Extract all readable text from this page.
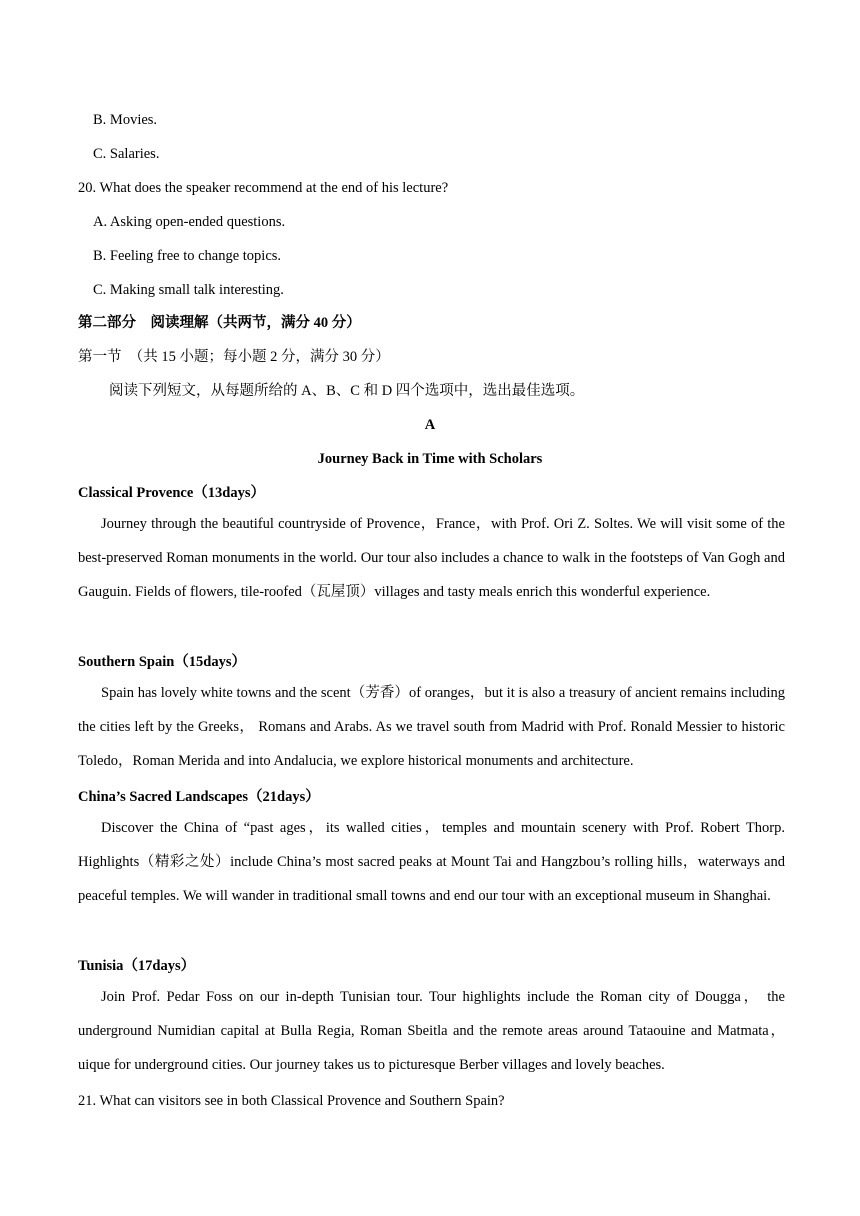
B. Movies.
C. Salaries.
20. What does the speaker recommend at the end of his lecture?
A. Asking open-ended questions.
B. Feeling free to change topics.
C. Making small talk interesting.
第二部分　阅读理解（共两节，满分 40 分）
第一节　（共 15 小题；每小题 2 分，满分 30 分）
阅读下列短文，从每题所给的 A、B、C 和 D 四个选项中，选出最佳选项。
A
Journey Back in Time with Scholars
Classical Provence（13days）
Journey through the beautiful countryside of Provence，France，with Prof. Ori Z. Soltes. We will visit some of the best-preserved Roman monuments in the world. Our tour also includes a chance to walk in the footsteps of Van Gogh and Gauguin. Fields of flowers, tile-roofed（瓦屋顶）villages and tasty meals enrich this wonderful experience.
Southern Spain（15days）
Spain has lovely white towns and the scent（芳香）of oranges，but it is also a treasury of ancient remains including the cities left by the Greeks， Romans and Arabs. As we travel south from Madrid with Prof. Ronald Messier to historic Toledo，Roman Merida and into Andalucia, we explore historical monuments and architecture.
China’s Sacred Landscapes（21days）
Discover the China of “past ages，its walled cities，temples and mountain scenery with Prof. Robert Thorp. Highlights（精彩之处）include China’s most sacred peaks at Mount Tai and Hangzbou’s rolling hills，waterways and peaceful temples. We will wander in traditional small towns and end our tour with an exceptional museum in Shanghai.
Tunisia（17days）
Join Prof. Pedar Foss on our in-depth Tunisian tour. Tour highlights include the Roman city of Dougga， the underground Numidian capital at Bulla Regia, Roman Sbeitla and the remote areas around Tataouine and Matmata，uique for underground cities. Our journey takes us to picturesque Berber villages and lovely beaches.
21. What can visitors see in both Classical Provence and Southern Spain?
